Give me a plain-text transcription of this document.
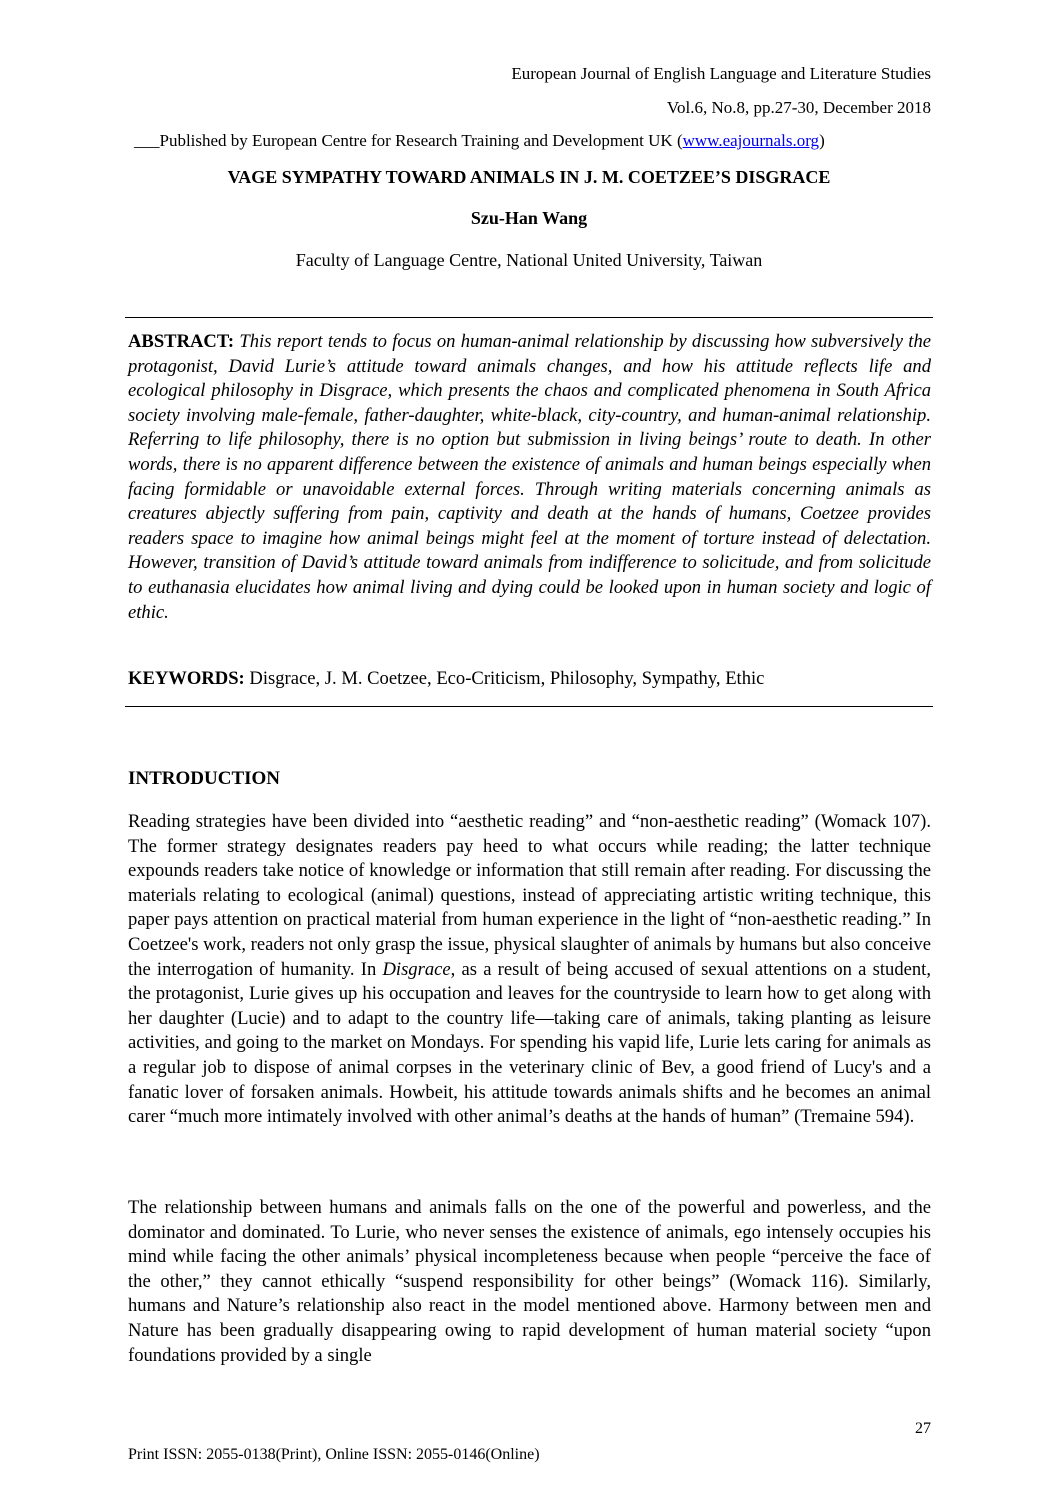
European Journal of English Language and Literature Studies
Vol.6, No.8, pp.27-30, December 2018
___Published by European Centre for Research Training and Development UK (www.eajournals.org)
VAGE SYMPATHY TOWARD ANIMALS IN J. M. COETZEE’S DISGRACE
Szu-Han Wang
Faculty of Language Centre, National United University, Taiwan

ABSTRACT: This report tends to focus on human-animal relationship by discussing how subversively the protagonist, David Lurie’s attitude toward animals changes, and how his attitude reflects life and ecological philosophy in Disgrace, which presents the chaos and complicated phenomena in South Africa society involving male-female, father-daughter, white-black, city-country, and human-animal relationship. Referring to life philosophy, there is no option but submission in living beings’ route to death. In other words, there is no apparent difference between the existence of animals and human beings especially when facing formidable or unavoidable external forces. Through writing materials concerning animals as creatures abjectly suffering from pain, captivity and death at the hands of humans, Coetzee provides readers space to imagine how animal beings might feel at the moment of torture instead of delectation. However, transition of David’s attitude toward animals from indifference to solicitude, and from solicitude to euthanasia elucidates how animal living and dying could be looked upon in human society and logic of ethic.

KEYWORDS: Disgrace, J. M. Coetzee, Eco-Criticism, Philosophy, Sympathy, Ethic

INTRODUCTION

Reading strategies have been divided into “aesthetic reading” and “non-aesthetic reading” (Womack 107). The former strategy designates readers pay heed to what occurs while reading; the latter technique expounds readers take notice of knowledge or information that still remain after reading. For discussing the materials relating to ecological (animal) questions, instead of appreciating artistic writing technique, this paper pays attention on practical material from human experience in the light of “non-aesthetic reading.” In Coetzee's work, readers not only grasp the issue, physical slaughter of animals by humans but also conceive the interrogation of humanity. In Disgrace, as a result of being accused of sexual attentions on a student, the protagonist, Lurie gives up his occupation and leaves for the countryside to learn how to get along with her daughter (Lucie) and to adapt to the country life—taking care of animals, taking planting as leisure activities, and going to the market on Mondays. For spending his vapid life, Lurie lets caring for animals as a regular job to dispose of animal corpses in the veterinary clinic of Bev, a good friend of Lucy's and a fanatic lover of forsaken animals. Howbeit, his attitude towards animals shifts and he becomes an animal carer “much more intimately involved with other animal’s deaths at the hands of human” (Tremaine 594).

The relationship between humans and animals falls on the one of the powerful and powerless, and the dominator and dominated. To Lurie, who never senses the existence of animals, ego intensely occupies his mind while facing the other animals’ physical incompleteness because when people “perceive the face of the other,” they cannot ethically “suspend responsibility for other beings” (Womack 116). Similarly, humans and Nature’s relationship also react in the model mentioned above. Harmony between men and Nature has been gradually disappearing owing to rapid development of human material society “upon foundations provided by a single

27
Print ISSN: 2055-0138(Print), Online ISSN: 2055-0146(Online)
